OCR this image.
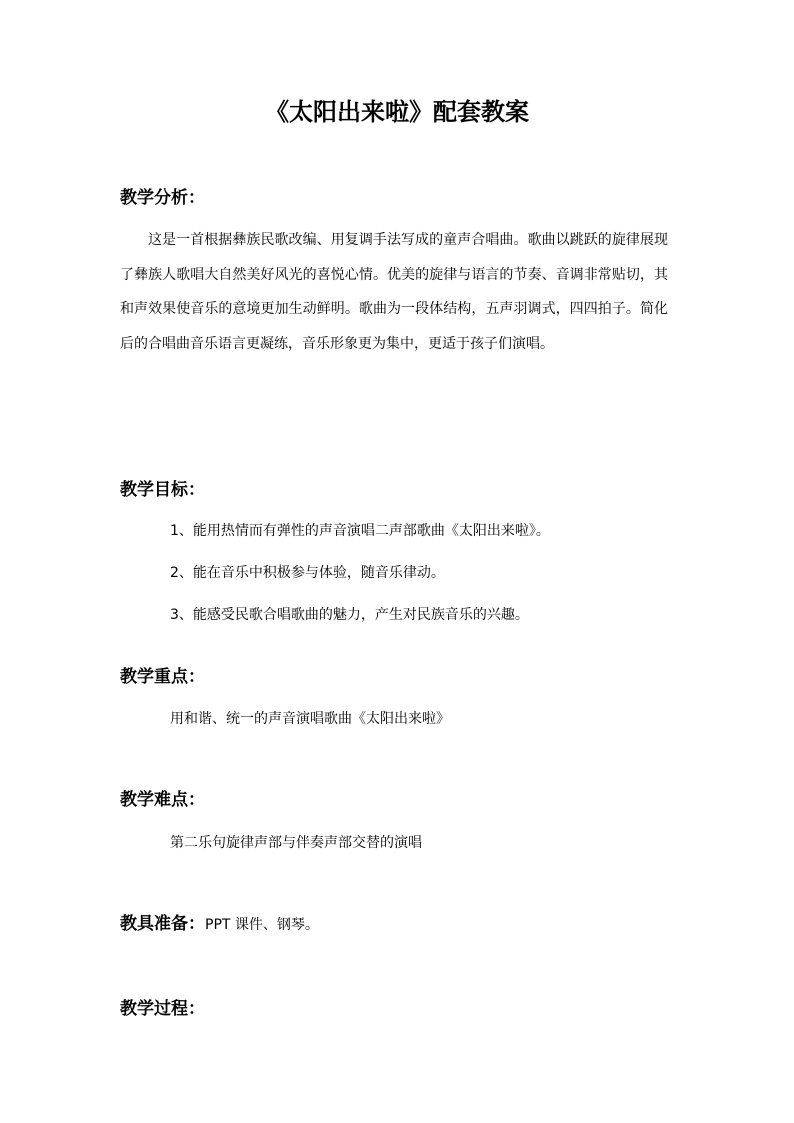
《太阳出来啦》配套教案
教学分析：

这是一首根据彝族民歌改编、用复调手法写成的童声合唱曲。歌曲以跳跃的旋律展现了彝族人歌唱大自然美好风光的喜悦心情。优美的旋律与语言的节奏、音调非常贴切，其和声效果使音乐的意境更加生动鲜明。歌曲为一段体结构，五声羽调式，四四拍子。简化后的合唱曲音乐语言更凝练，音乐形象更为集中，更适于孩子们演唱。

教学目标：

1、能用热情而有弹性的声音演唱二声部歌曲《太阳出来啦》。

2、能在音乐中积极参与体验，随音乐律动。

3、能感受民歌合唱歌曲的魅力，产生对民族音乐的兴趣。

教学重点：

用和谐、统一的声音演唱歌曲《太阳出来啦》

教学难点：

第二乐句旋律声部与伴奏声部交替的演唱

教具准备：PPT 课件、钢琴。
教学过程：
